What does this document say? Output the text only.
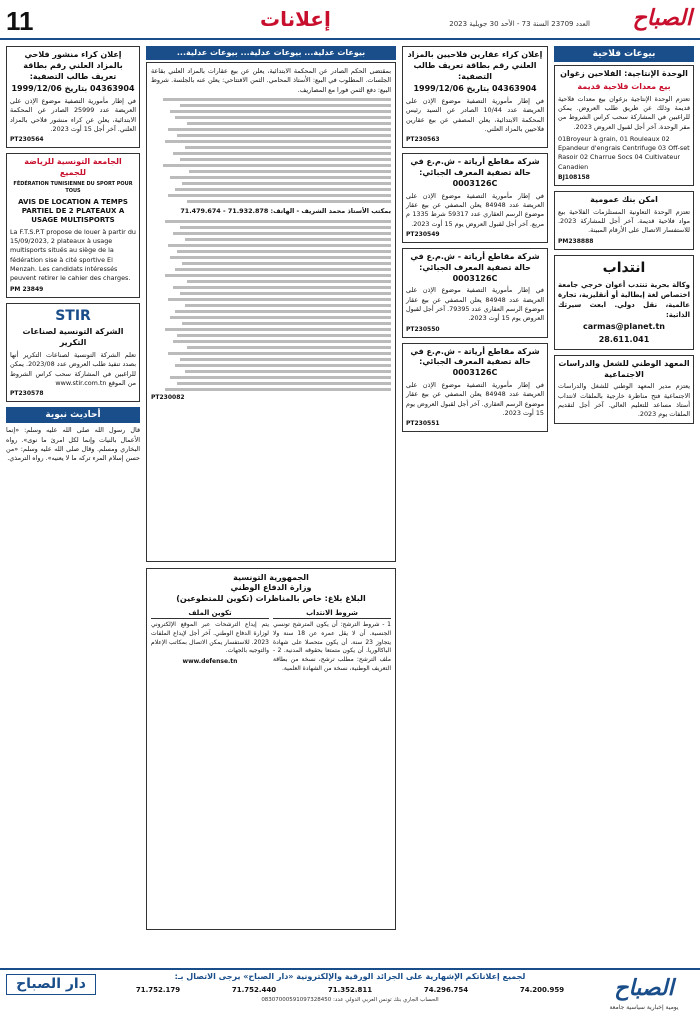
11	إعلانات	الصباح
العدد 23709 السنة 73 - الأحد 30 جويلية 2023
بيوعات فلاحية
الوحدة الإنتاجية: الفلاحين زغوان
بيع معدات فلاحية قديمة
تعتزم الوحدة الإنتاجية بزغوان بيع معدات فلاحية قديمة وذلك عن طريق طلب العروض. يمكن للراغبين في المشاركة سحب كراس الشروط من مقر الوحدة. آخر أجل لقبول العروض 2023.
01Broyeur à grain, 01 Rouleaux 02 Epandeur d'engrais Centrifuge 03 Off-set Rasoir 02 Charrue Socs 04 Cultivateur Canadien
BJ108158
امكن بنك عمومية
تعتزم الوحدة التعاونية المستلزمات الفلاحية بيع مواد فلاحية قديمة. آخر أجل للمشاركة 2023. للاستفسار الاتصال على الأرقام المبينة.
PM238888
انتداب
وكالة بحرية تنتدب أعوان خرجي جامعة اختصاص لغة إيطالية أو أنقليزية، تجارة عالمية، نقل دولي. ابعث سيرتك الذاتية:
carmas@planet.tn
28.611.041
المعهد الوطني للشغل والدراسات الاجتماعية
يعتزم مدير المعهد الوطني للشغل والدراسات الاجتماعية فتح مناظرة خارجية بالملفات لانتداب أستاذ مساعد للتعليم العالي. آخر أجل لتقديم الملفات يوم 2023.
إعلان كراء عقارين فلاحيين بالمزاد العلني رقم بطاقة تعريف طالب التصفية:
04363904 بتاريخ 1999/12/06
في إطار مأمورية التصفية موضوع الإذن على العريضة عدد 10/44 الصادر عن السيد رئيس المحكمة الابتدائية، يعلن المصفي عن بيع عقارين فلاحيين بالمزاد العلني.
PT230563
شركة مقاطع أرياتة - ش.م.ع في حالة تصفية المعرف الجبائي: 0003126C
في إطار مأمورية التصفية موضوع الإذن على العريضة عدد 84948 يعلن المصفي عن بيع عقار موضوع الرسم العقاري عدد 59317 شرط 1335 م مربع. آخر أجل لقبول العروض يوم 15 أوت 2023.
PT230549
شركة مقاطع أرياتة - ش.م.ع في حالة تصفية المعرف الجبائي: 0003126C
في إطار مأمورية التصفية موضوع الإذن على العريضة عدد 84948 يعلن المصفي عن بيع عقار موضوع الرسم العقاري عدد 79395. آخر أجل لقبول العروض يوم 15 أوت 2023.
PT230550
شركة مقاطع أرياتة - ش.م.ع في حالة تصفية المعرف الجبائي: 0003126C
في إطار مأمورية التصفية موضوع الإذن على العريضة عدد 84948 يعلن المصفي عن بيع عقار موضوع الرسم العقاري. آخر أجل لقبول العروض يوم 15 أوت 2023.
PT230551
بيوعات عدلية... بيوعات عدلية... بيوعات عدلية...
بمقتضى الحكم الصادر عن المحكمة الابتدائية، يعلن عن بيع عقارات بالمزاد العلني بقاعة الجلسات. المطلوب في البيع: الأستاذ المحامي. الثمن الافتتاحي: يعلن عنه بالجلسة. شروط البيع: دفع الثمن فورا مع المصاريف.
بمكتب الأستاذ محمد الشريف - الهاتف: 71.932.878 - 71.479.674
PT230082
الجمهورية التونسية
وزارة الدفاع الوطني
البلاغ بلاغ: خاص بالمناظرات (تكوين للمتطوعين)
شروط الانتداب
1 - شروط الترشح: أن يكون المترشح تونسي الجنسية. أن لا يقل عمره عن 18 سنة ولا يتجاوز 23 سنة. أن يكون متحصلا على شهادة الباكالوريا. أن يكون متمتعا بحقوقه المدنية. 2 - ملف الترشح: مطلب ترشح، نسخة من بطاقة التعريف الوطنية، نسخة من الشهادة العلمية.
تكوين الملف
يتم إيداع الترشحات عبر الموقع الإلكتروني لوزارة الدفاع الوطني. آخر أجل لإيداع الملفات 2023. للاستفسار يمكن الاتصال بمكاتب الإعلام والتوجيه بالجهات.
www.defense.tn
إعلان كراء منشور فلاحي بالمزاد العلني رقم بطاقة تعريف طالب التصفية:
04363904 بتاريخ 1999/12/06
في إطار مأمورية التصفية موضوع الإذن على العريضة عدد 25999 الصادر عن المحكمة الابتدائية، يعلن عن كراء منشور فلاحي بالمزاد العلني. آخر أجل 15 أوت 2023.
PT230564
الجامعة التونسية للرياضة للجميع
FÉDÉRATION TUNISIENNE DU SPORT POUR TOUS
AVIS DE LOCATION A TEMPS PARTIEL DE 2 PLATEAUX A USAGE MULTISPORTS
La F.T.S.P.T propose de louer à partir du 15/09/2023, 2 plateaux à usage multisports situés au siège de la fédération sise à cité sportive El Menzah. Les candidats intéressés peuvent retirer le cahier des charges.
PM 23849
STIR
الشركة التونسية لصناعات التكرير
تعلم الشركة التونسية لصناعات التكرير أنها بصدد تنفيذ طلب العروض عدد 2023/08. يمكن للراغبين في المشاركة سحب كراس الشروط من الموقع www.stir.com.tn
PT230578
أحاديث نبوية
قال رسول الله صلى الله عليه وسلم: «إنما الأعمال بالنيات وإنما لكل امرئ ما نوى». رواه البخاري ومسلم. وقال صلى الله عليه وسلم: «من حسن إسلام المرء تركه ما لا يعنيه». رواه الترمذي.
الصباح
يومية إخبارية سياسية جامعة
لجميع إعلاناتكم الإشهارية على الجرائد الورقية والإلكترونية «دار الصباح» يرجى الاتصال بـ:
71.752.179	71.752.440	71.352.811	74.296.754	74.200.959
الحساب الجاري بنك تونس العربي الدولي عدد: 08307000591097328450
دار الصباح
